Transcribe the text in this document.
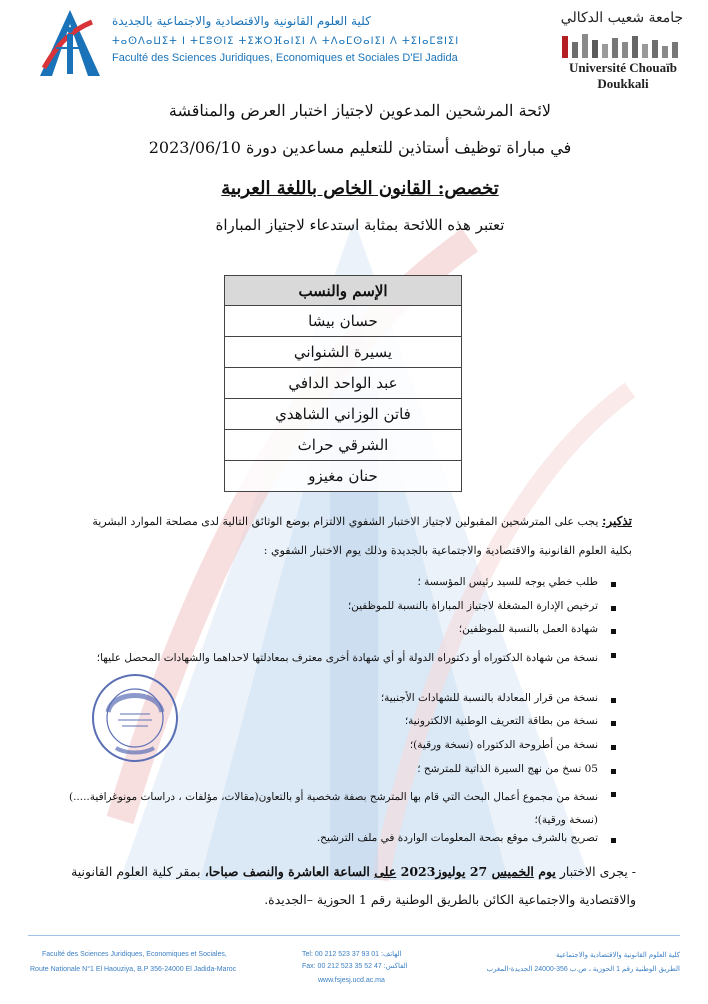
كلية العلوم القانونية والاقتصادية والاجتماعية بالجديدة
ⵜⴰⵙⴷⴰⵡⵉⵜ ⵏ ⵜⵎⵓⵙⵏⵉ ⵜⵉⵣⵔⴼⴰⵏⵉⵏ ⴷ ⵜⴷⴰⵎⵙⴰⵏⵉⵏ ⴷ ⵜⵉⵏⴰⵎⵓⵏⵉⵏ
Faculté des Sciences Juridiques, Economiques et Sociales D'El Jadida
جامعة شعيب الدكالي
Université Chouaïb Doukkali
لائحة المرشحين المدعوين لاجتياز اختبار العرض والمناقشة
في مباراة توظيف أستاذين للتعليم مساعدين دورة 2023/06/10
تخصص: القانون الخاص باللغة العربية
تعتبر هذه اللائحة بمثابة استدعاء لاجتياز المباراة
الإسم والنسب
حسان بيشا
يسيرة الشنواني
عبد الواحد الدافي
فاتن الوزاني الشاهدي
الشرقي حراث
حنان مغيزو
تذكير: يجب على المترشحين المقبولين لاجتياز الاختبار الشفوي الالتزام بوضع الوثائق التالية لدى مصلحة الموارد البشرية
بكلية العلوم القانونية والاقتصادية والاجتماعية بالجديدة وذلك يوم الاختبار الشفوي :
طلب خطي يوجه للسيد رئيس المؤسسة ؛
ترخيص الإدارة المشغلة لاجتياز المباراة بالنسبة للموظفين؛
شهادة العمل بالنسبة للموظفين؛
نسخة من شهادة الدكتوراه أو دكتوراه الدولة أو أي شهادة أخرى معترف بمعادلتها لاحداهما والشهادات المحصل عليها؛
نسخة من قرار المعادلة بالنسبة للشهادات الأجنبية؛
نسخة من بطاقة التعريف الوطنية الالكترونية؛
نسخة من أطروحة الدكتوراه (نسخة ورقية)؛
05 نسخ من نهج السيرة الذاتية للمترشح ؛
نسخة من مجموع أعمال البحث التي قام بها المترشح بصفة شخصية أو بالتعاون(مقالات، مؤلفات ، دراسات مونوغرافية.....) (نسخة ورقية)؛
تصريح بالشرف موقع بصحة المعلومات الواردة في ملف الترشيح.
- يجرى الاختبار يوم الخميس 27 يوليوز2023 على الساعة العاشرة والنصف صباحا، بمقر كلية العلوم القانونية والاقتصادية والاجتماعية الكائن بالطريق الوطنية رقم 1 الحوزية –الجديدة.
Faculté des Sciences Juridiques, Economiques et Sociales,
Route Nationale N°1 El Haouziya, B.P 356-24000 El Jadida-Maroc
Tel: 00 212 523 37 93 01 :الهاتف
Fax: 00 212 523 35 52 47 :الفاكس
www.fsjesj.ucd.ac.ma
كلية العلوم القانونية والاقتصادية والاجتماعية
الطريق الوطنية رقم 1 الحوزية ، ص.ب 356-24000 الجديدة-المغرب
